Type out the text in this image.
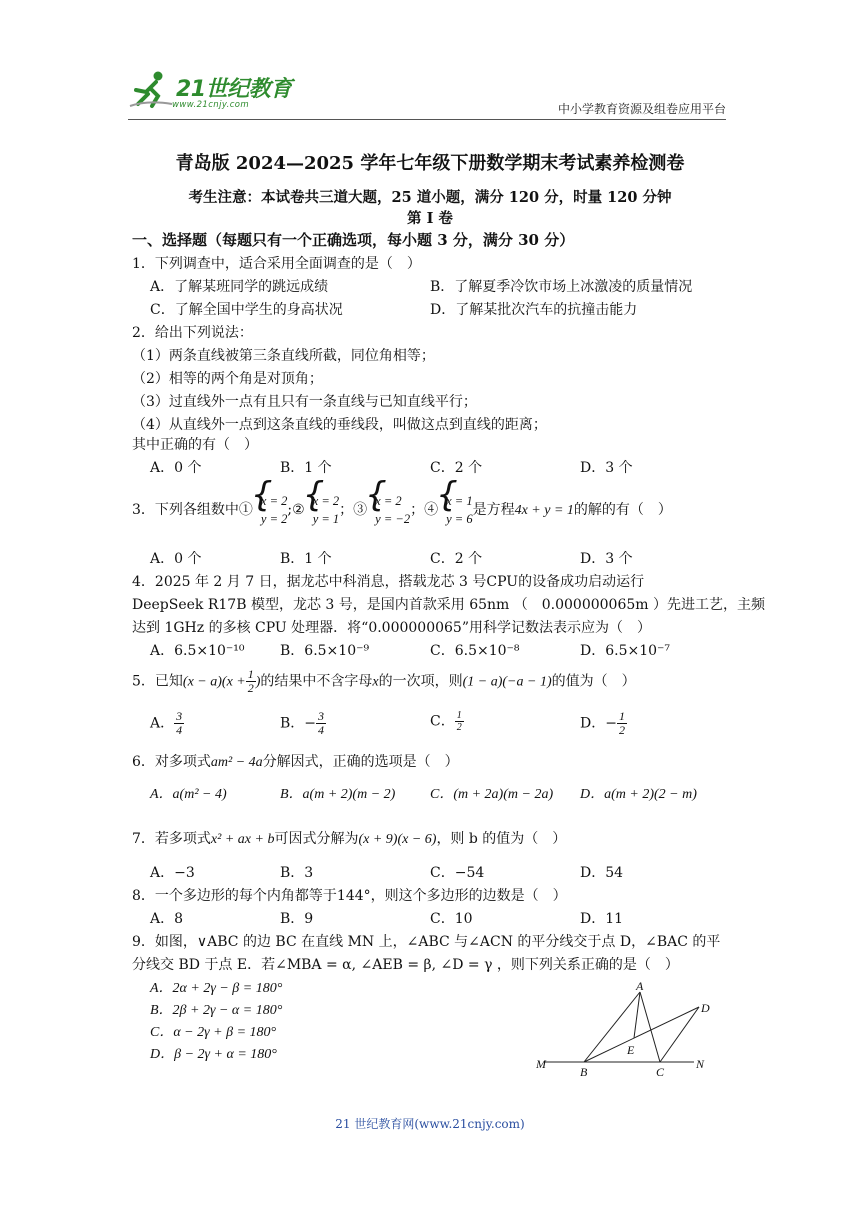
21世纪教育
www.21cnjy.com	中小学教育资源及组卷应用平台
青岛版 2024—2025 学年七年级下册数学期末考试素养检测卷
考生注意：本试卷共三道大题，25 道小题，满分 120 分，时量 120 分钟
第 I 卷
一、选择题（每题只有一个正确选项，每小题 3 分，满分 30 分）
1．下列调查中，适合采用全面调查的是（　）
A．了解某班同学的跳远成绩	B．了解夏季冷饮市场上冰激凌的质量情况
C．了解全国中学生的身高状况	D．了解某批次汽车的抗撞击能力
2．给出下列说法：
（1）两条直线被第三条直线所截，同位角相等；
（2）相等的两个角是对顶角；
（3）过直线外一点有且只有一条直线与已知直线平行；
（4）从直线外一点到这条直线的垂线段，叫做这点到直线的距离；
其中正确的有（　）
A．0 个	B．1 个	C．2 个	D．3 个
3．下列各组数中①
{ x = 2
y = 2
;②
{ x = 2
y = 1
；③
{ x = 2
y = −2
；④
{ x = 1
y = 6
是方程4x + y = 1的解的有（　）
A．0 个	B．1 个	C．2 个	D．3 个
4．2025 年 2 月 7 日，据龙芯中科消息，搭载龙芯 3 号CPU的设备成功启动运行
DeepSeek R17B 模型，龙芯 3 号，是国内首款采用 65nm （　0.000000065m ）先进工艺，主频
达到 1GHz 的多核 CPU 处理器．将“0.000000065”用科学记数法表示应为（　）
A．6.5×10⁻¹⁰	B．6.5×10⁻⁹	C．6.5×10⁻⁸	D．6.5×10⁻⁷
5．已知$(x - a)(x + \frac{1}{2}$ )的结果中不含字母x的一次项，则(1 − a)(−a − 1)的值为（　）
A． $\frac{3}{4}$	B．− $\frac{3}{4}$	C． $\frac{1}{2}$	D．− $\frac{1}{2}$
6．对多项式am² − 4a分解因式，正确的选项是（　）
A．a(m² − 4)	B．a(m + 2)(m − 2) C．(m + 2a)(m − 2a) D．a(m + 2)(2 − m)
7．若多项式x² + ax + b可因式分解为(x + 9)(x − 6)，则 b 的值为（　）
A．−3	B．3	C．−54	D．54
8．一个多边形的每个内角都等于144°，则这个多边形的边数是（　）
A．8	B．9	C．10	D．11
9．如图，∨ABC 的边 BC 在直线 MN 上，∠ABC 与∠ACN 的平分线交于点 D，∠BAC 的平
分线交 BD 于点 E．若∠MBA = α, ∠AEB = β, ∠D = γ ，则下列关系正确的是（　）
A．2α + 2γ − β = 180°
B．2β + 2γ − α = 180°
C．α − 2γ + β = 180°
D．β − 2γ + α = 180°
A
B	C
D
E
M	N
21 世纪教育网(www.21cnjy.com)
